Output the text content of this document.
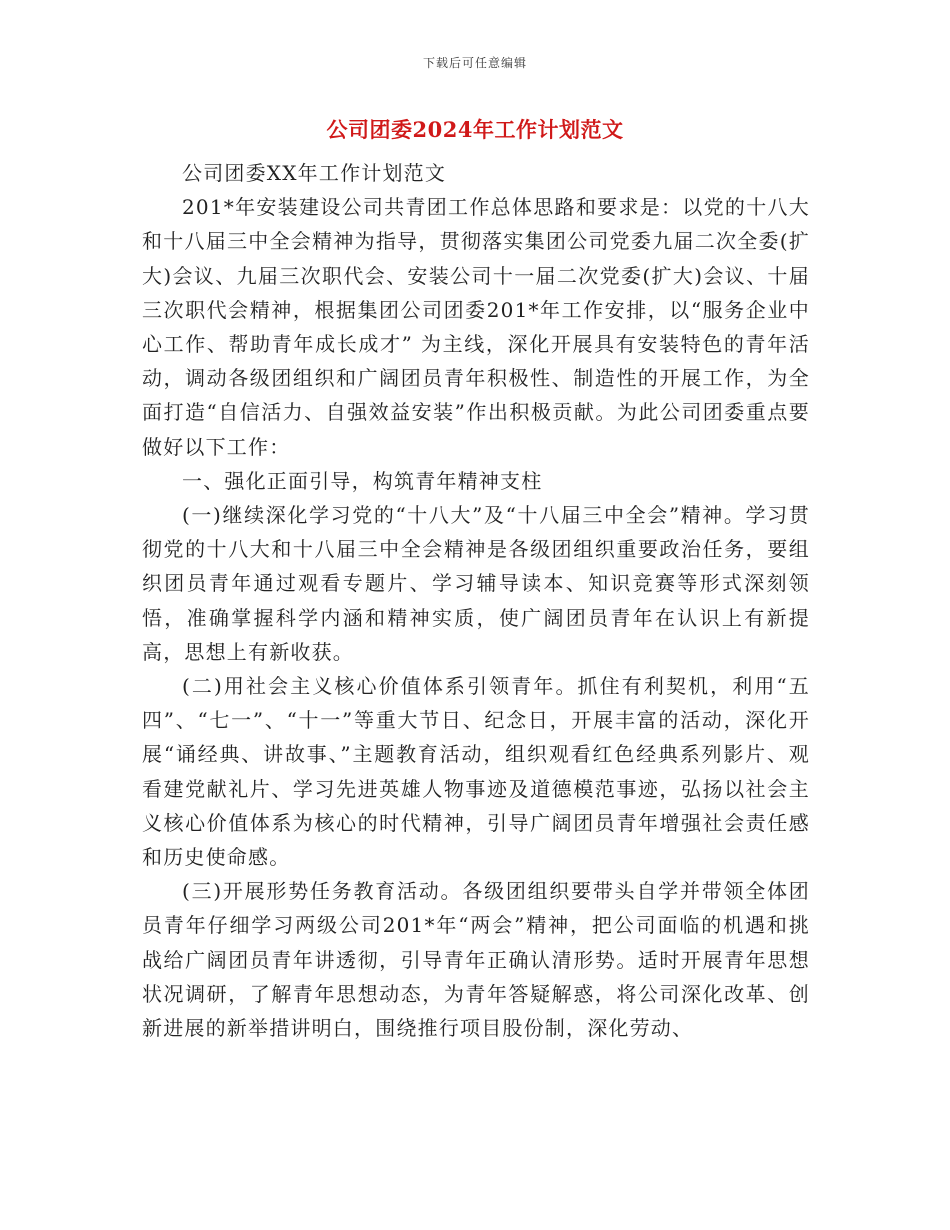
下载后可任意编辑
公司团委2024年工作计划范文

公司团委XX年工作计划范文

201*年安装建设公司共青团工作总体思路和要求是：以党的十八大和十八届三中全会精神为指导，贯彻落实集团公司党委九届二次全委(扩大)会议、九届三次职代会、安装公司十一届二次党委(扩大)会议、十届三次职代会精神，根据集团公司团委201*年工作安排，以“服务企业中心工作、帮助青年成长成才” 为主线，深化开展具有安装特色的青年活动，调动各级团组织和广阔团员青年积极性、制造性的开展工作，为全面打造“自信活力、自强效益安装”作出积极贡献。为此公司团委重点要做好以下工作：

一、强化正面引导，构筑青年精神支柱

(一)继续深化学习党的“十八大”及“十八届三中全会”精神。学习贯彻党的十八大和十八届三中全会精神是各级团组织重要政治任务，要组织团员青年通过观看专题片、学习辅导读本、知识竞赛等形式深刻领悟，准确掌握科学内涵和精神实质，使广阔团员青年在认识上有新提高，思想上有新收获。

(二)用社会主义核心价值体系引领青年。抓住有利契机，利用“五四”、“七一”、“十一”等重大节日、纪念日，开展丰富的活动，深化开展“诵经典、讲故事、”主题教育活动，组织观看红色经典系列影片、观看建党献礼片、学习先进英雄人物事迹及道德模范事迹，弘扬以社会主义核心价值体系为核心的时代精神，引导广阔团员青年增强社会责任感和历史使命感。

(三)开展形势任务教育活动。各级团组织要带头自学并带领全体团员青年仔细学习两级公司201*年“两会”精神，把公司面临的机遇和挑战给广阔团员青年讲透彻，引导青年正确认清形势。适时开展青年思想状况调研，了解青年思想动态，为青年答疑解惑，将公司深化改革、创新进展的新举措讲明白，围绕推行项目股份制，深化劳动、
